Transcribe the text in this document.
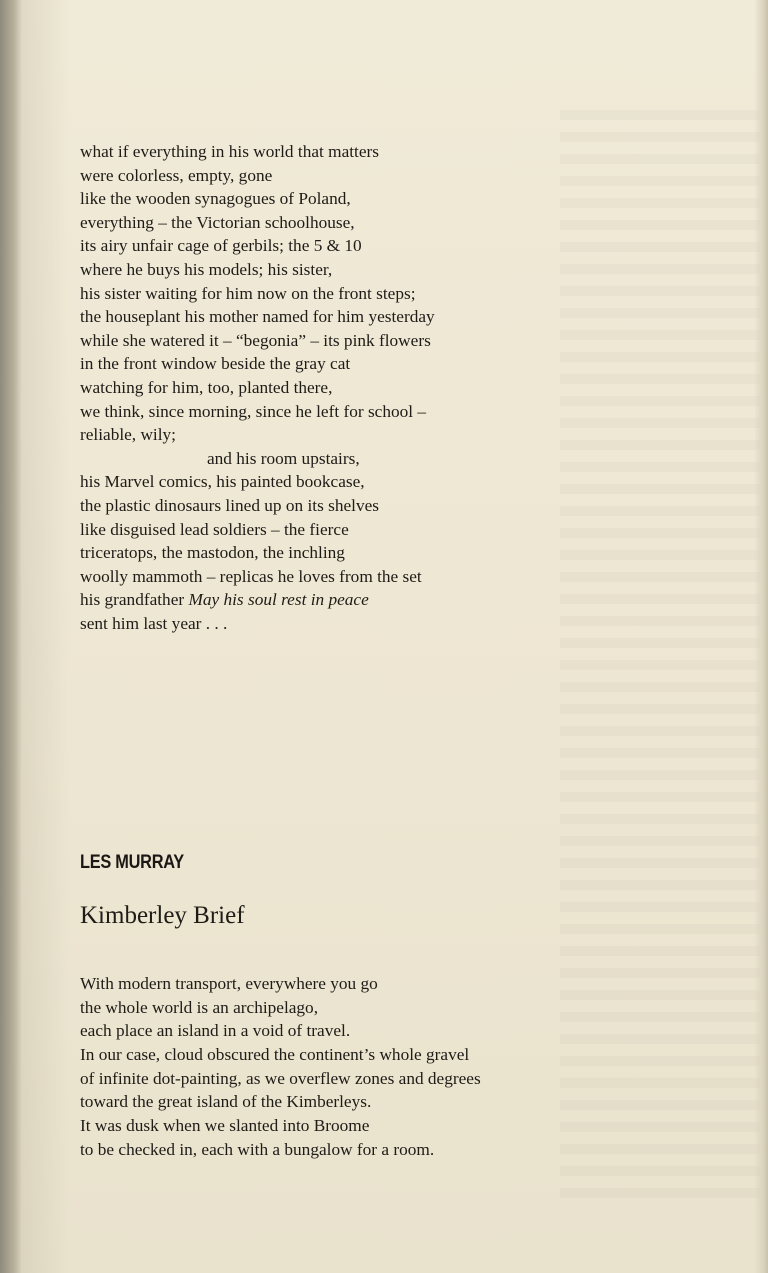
what if everything in his world that matters
were colorless, empty, gone
like the wooden synagogues of Poland,
everything – the Victorian schoolhouse,
its airy unfair cage of gerbils; the 5 & 10
where he buys his models; his sister,
his sister waiting for him now on the front steps;
the houseplant his mother named for him yesterday
while she watered it – “begonia” – its pink flowers
in the front window beside the gray cat
watching for him, too, planted there,
we think, since morning, since he left for school –
reliable, wily;
and his room upstairs,
his Marvel comics, his painted bookcase,
the plastic dinosaurs lined up on its shelves
like disguised lead soldiers – the fierce
triceratops, the mastodon, the inchling
woolly mammoth – replicas he loves from the set
his grandfather May his soul rest in peace
sent him last year . . .
LES MURRAY
Kimberley Brief
With modern transport, everywhere you go
the whole world is an archipelago,
each place an island in a void of travel.
In our case, cloud obscured the continent’s whole gravel
of infinite dot-painting, as we overflew zones and degrees
toward the great island of the Kimberleys.
It was dusk when we slanted into Broome
to be checked in, each with a bungalow for a room.
